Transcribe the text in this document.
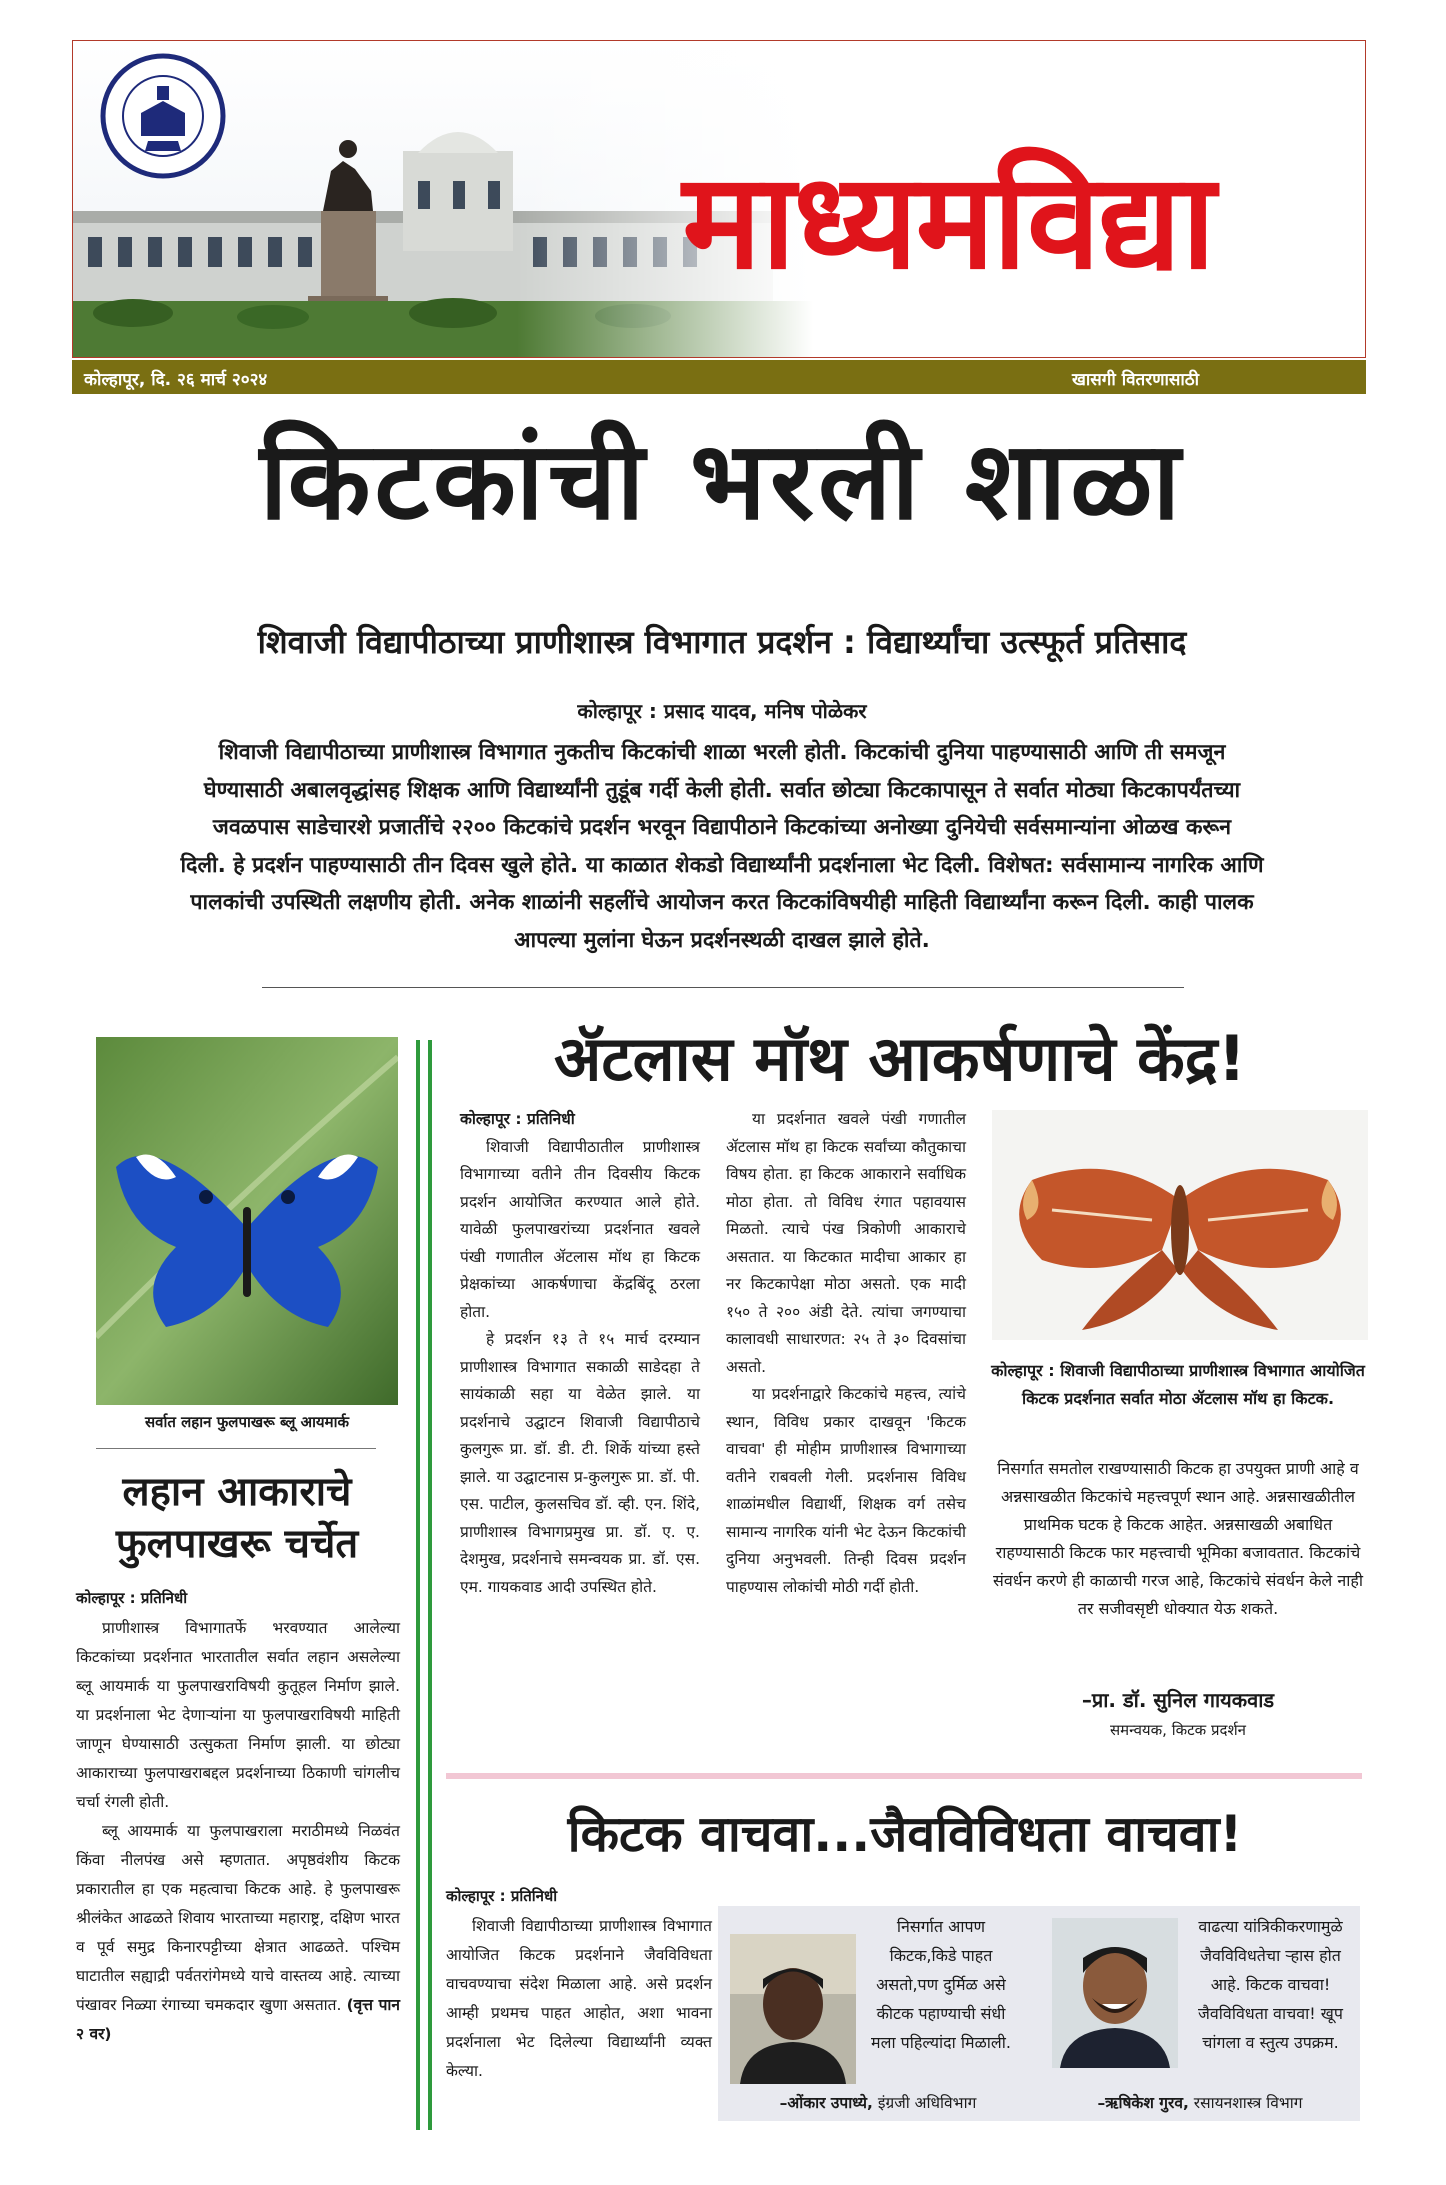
माध्यमविद्या
कोल्हापूर, दि. २६ मार्च २०२४	खासगी वितरणासाठी
किटकांची भरली शाळा
शिवाजी विद्यापीठाच्या प्राणीशास्त्र विभागात प्रदर्शन : विद्यार्थ्यांचा उत्स्फूर्त प्रतिसाद
कोल्हापूर : प्रसाद यादव, मनिष पोळेकर
शिवाजी विद्यापीठाच्या प्राणीशास्त्र विभागात नुकतीच किटकांची शाळा भरली होती. किटकांची दुनिया पाहण्यासाठी आणि ती समजून
घेण्यासाठी अबालवृद्धांसह शिक्षक आणि विद्यार्थ्यांनी तुडूंब गर्दी केली होती. सर्वात छोट्या किटकापासून ते सर्वात मोठ्या किटकापर्यंतच्या
जवळपास साडेचारशे प्रजातींचे २२०० किटकांचे प्रदर्शन भरवून विद्यापीठाने किटकांच्या अनोख्या दुनियेची सर्वसमान्यांना ओळख करून
दिली. हे प्रदर्शन पाहण्यासाठी तीन दिवस खुले होते. या काळात शेकडो विद्यार्थ्यांनी प्रदर्शनाला भेट दिली. विशेषत: सर्वसामान्य नागरिक आणि
पालकांची उपस्थिती लक्षणीय होती. अनेक शाळांनी सहलींचे आयोजन करत किटकांविषयीही माहिती विद्यार्थ्यांना करून दिली. काही पालक
आपल्या मुलांना घेऊन प्रदर्शनस्थळी दाखल झाले होते.
सर्वात लहान फुलपाखरू ब्लू आयमार्क
लहान आकाराचे
फुलपाखरू चर्चेत
कोल्हापूर : प्रतिनिधी

प्राणीशास्त्र विभागातर्फे भरवण्यात आलेल्या किटकांच्या प्रदर्शनात भारतातील सर्वात लहान असलेल्या ब्लू आयमार्क या फुलपाखराविषयी कुतूहल निर्माण झाले. या प्रदर्शनाला भेट देणाऱ्यांना या फुलपाखराविषयी माहिती जाणून घेण्यासाठी उत्सुकता निर्माण झाली. या छोट्या आकाराच्या फुलपाखराबद्दल प्रदर्शनाच्या ठिकाणी चांगलीच चर्चा रंगली होती.

ब्लू आयमार्क या फुलपाखराला मराठीमध्ये निळवंत किंवा नीलपंख असे म्हणतात. अपृष्ठवंशीय किटक प्रकारातील हा एक महत्वाचा किटक आहे. हे फुलपाखरू श्रीलंकेत आढळते शिवाय भारताच्या महाराष्ट्र, दक्षिण भारत व पूर्व समुद्र किनारपट्टीच्या क्षेत्रात आढळते. पश्चिम घाटातील सह्याद्री पर्वतरांगेमध्ये याचे वास्तव्य आहे. त्याच्या पंखावर निळ्या रंगाच्या चमकदार खुणा असतात. (वृत्त पान २ वर)

ॲटलास मॉथ आकर्षणाचे केंद्र!

कोल्हापूर : प्रतिनिधी

शिवाजी विद्यापीठातील प्राणीशास्त्र विभागाच्या वतीने तीन दिवसीय किटक प्रदर्शन आयोजित करण्यात आले होते. यावेळी फुलपाखरांच्या प्रदर्शनात खवले पंखी गणातील ॲटलास मॉथ हा किटक प्रेक्षकांच्या आकर्षणाचा केंद्रबिंदू ठरला होता.

हे प्रदर्शन १३ ते १५ मार्च दरम्यान प्राणीशास्त्र विभागात सकाळी साडेदहा ते सायंकाळी सहा या वेळेत झाले. या प्रदर्शनाचे उद्घाटन शिवाजी विद्यापीठाचे कुलगुरू प्रा. डॉ. डी. टी. शिर्के यांच्या हस्ते झाले. या उद्घाटनास प्र-कुलगुरू प्रा. डॉ. पी. एस. पाटील, कुलसचिव डॉ. व्ही. एन. शिंदे, प्राणीशास्त्र विभागप्रमुख प्रा. डॉ. ए. ए. देशमुख, प्रदर्शनाचे समन्वयक प्रा. डॉ. एस. एम. गायकवाड आदी उपस्थित होते.

या प्रदर्शनात खवले पंखी गणातील ॲटलास मॉथ हा किटक सर्वांच्या कौतुकाचा विषय होता. हा किटक आकाराने सर्वाधिक मोठा होता. तो विविध रंगात पहावयास मिळतो. त्याचे पंख त्रिकोणी आकाराचे असतात. या किटकात मादीचा आकार हा नर किटकापेक्षा मोठा असतो. एक मादी १५० ते २०० अंडी देते. त्यांचा जगण्याचा कालावधी साधारणत: २५ ते ३० दिवसांचा असतो.

या प्रदर्शनाद्वारे किटकांचे महत्त्व, त्यांचे स्थान, विविध प्रकार दाखवून 'किटक वाचवा' ही मोहीम प्राणीशास्त्र विभागाच्या वतीने राबवली गेली. प्रदर्शनास विविध शाळांमधील विद्यार्थी, शिक्षक वर्ग तसेच सामान्य नागरिक यांनी भेट देऊन किटकांची दुनिया अनुभवली. तिन्ही दिवस प्रदर्शन पाहण्यास लोकांची मोठी गर्दी होती.

कोल्हापूर : शिवाजी विद्यापीठाच्या प्राणीशास्त्र विभागात आयोजित किटक प्रदर्शनात सर्वात मोठा ॲटलास मॉथ हा किटक.
निसर्गात समतोल राखण्यासाठी किटक हा उपयुक्त प्राणी आहे व अन्नसाखळीत किटकांचे महत्त्वपूर्ण स्थान आहे. अन्नसाखळीतील प्राथमिक घटक हे किटक आहेत. अन्नसाखळी अबाधित राहण्यासाठी किटक फार महत्त्वाची भूमिका बजावतात. किटकांचे संवर्धन करणे ही काळाची गरज आहे, किटकांचे संवर्धन केले नाही तर सजीवसृष्टी धोक्यात येऊ शकते.
–प्रा. डॉ. सुनिल गायकवाड
समन्वयक, किटक प्रदर्शन
किटक वाचवा...जैवविविधता वाचवा!
कोल्हापूर : प्रतिनिधी

शिवाजी विद्यापीठाच्या प्राणीशास्त्र विभागात आयोजित किटक प्रदर्शनाने जैवविविधता वाचवण्याचा संदेश मिळाला आहे. असे प्रदर्शन आम्ही प्रथमच पाहत आहोत, अशा भावना प्रदर्शनाला भेट दिलेल्या विद्यार्थ्यांनी व्यक्त केल्या.

निसर्गात आपण किटक,किडे पाहत असतो,पण दुर्मिळ असे कीटक पहाण्याची संधी मला पहिल्यांदा मिळाली.
–ओंकार उपाध्ये, इंग्रजी अधिविभाग
वाढत्या यांत्रिकीकरणामुळे जैवविविधतेचा ऱ्हास होत आहे. किटक वाचवा! जैवविविधता वाचवा! खूप चांगला व स्तुत्य उपक्रम.
–ऋषिकेश गुरव, रसायनशास्त्र विभाग
